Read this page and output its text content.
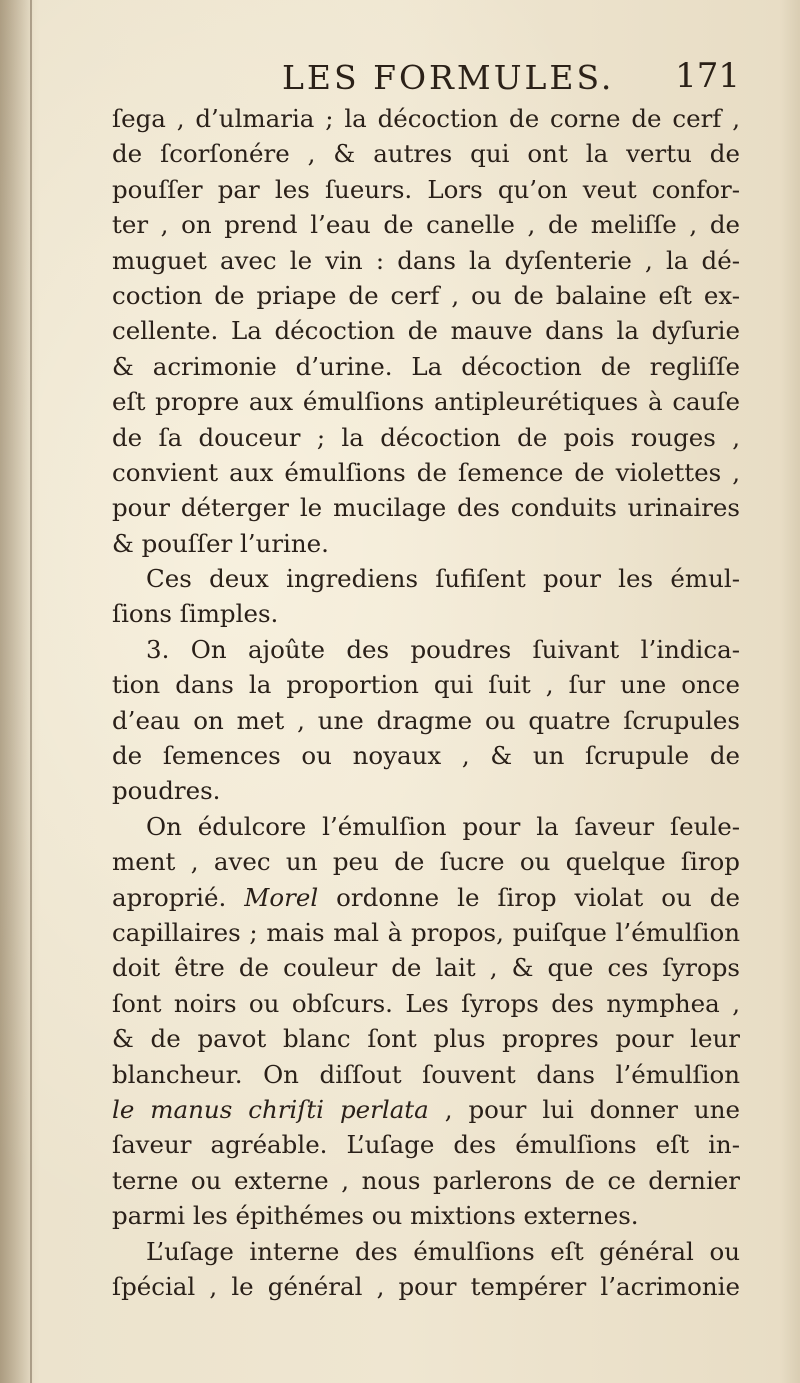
LES FORMULES. 171
ſega , d’ulmaria ; la décoction de corne de cerf ,
de ſcorſonére , & autres qui ont la vertu de
pouſſer par les ſueurs. Lors qu’on veut confor-
ter , on prend l’eau de canelle , de meliſſe , de
muguet avec le vin : dans la dyſenterie , la dé-
coction de priape de cerf , ou de balaine eſt ex-
cellente. La décoction de mauve dans la dyſurie
& acrimonie d’urine. La décoction de regliſſe
eſt propre aux émulſions antipleurétiques à cauſe
de ſa douceur ; la décoction de pois rouges ,
convient aux émulſions de ſemence de violettes ,
pour déterger le mucilage des conduits urinaires
& pouſſer l’urine.
Ces deux ingrediens ſufiſent pour les émul-
ſions ſimples.
3. On ajoûte des poudres ſuivant l’indica-
tion dans la proportion qui ſuit , ſur une once
d’eau on met , une dragme ou quatre ſcrupules
de ſemences ou noyaux , & un ſcrupule de
poudres.
On édulcore l’émulſion pour la ſaveur ſeule-
ment , avec un peu de ſucre ou quelque ſirop
aproprié. Morel ordonne le ſirop violat ou de
capillaires ; mais mal à propos, puiſque l’émulſion
doit être de couleur de lait , & que ces ſyrops
ſont noirs ou obſcurs. Les ſyrops des nymphea ,
& de pavot blanc ſont plus propres pour leur
blancheur. On diſſout ſouvent dans l’émulſion
le manus chriſti perlata , pour lui donner une
ſaveur agréable. L’uſage des émulſions eſt in-
terne ou externe , nous parlerons de ce dernier
parmi les épithémes ou mixtions externes.
L’uſage interne des émulſions eſt général ou
ſpécial , le général , pour tempérer l’acrimonie
